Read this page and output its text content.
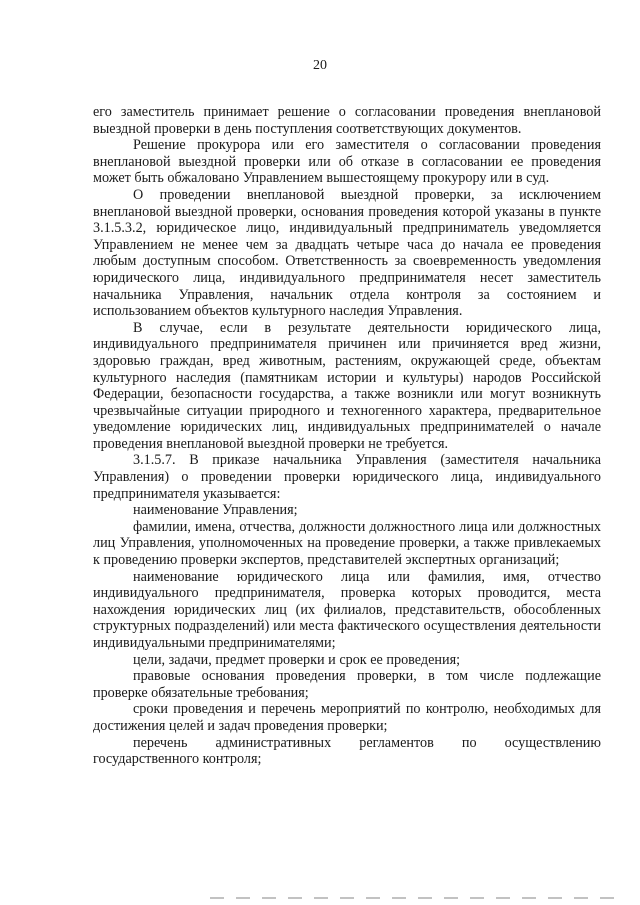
20

его заместитель принимает решение о согласовании проведения внеплановой выездной проверки в день поступления соответствующих документов.

Решение прокурора или его заместителя о согласовании проведения внеплановой выездной проверки или об отказе в согласовании ее проведения может быть обжаловано Управлением вышестоящему прокурору или в суд.

О проведении внеплановой выездной проверки, за исключением внеплановой выездной проверки, основания проведения которой указаны в пункте 3.1.5.3.2, юридическое лицо, индивидуальный предприниматель уведомляется Управлением не менее чем за двадцать четыре часа до начала ее проведения любым доступным способом. Ответственность за своевременность уведомления юридического лица, индивидуального предпринимателя несет заместитель начальника Управления, начальник отдела контроля за состоянием и использованием объектов культурного наследия Управления.

В случае, если в результате деятельности юридического лица, индивидуального предпринимателя причинен или причиняется вред жизни, здоровью граждан, вред животным, растениям, окружающей среде, объектам культурного наследия (памятникам истории и культуры) народов Российской Федерации, безопасности государства, а также возникли или могут возникнуть чрезвычайные ситуации природного и техногенного характера, предварительное уведомление юридических лиц, индивидуальных предпринимателей о начале проведения внеплановой выездной проверки не требуется.

3.1.5.7. В приказе начальника Управления (заместителя начальника Управления) о проведении проверки юридического лица, индивидуального предпринимателя указывается:

наименование Управления;

фамилии, имена, отчества, должности должностного лица или должностных лиц Управления, уполномоченных на проведение проверки, а также привлекаемых к проведению проверки экспертов, представителей экспертных организаций;

наименование юридического лица или фамилия, имя, отчество индивидуального предпринимателя, проверка которых проводится, места нахождения юридических лиц (их филиалов, представительств, обособленных структурных подразделений) или места фактического осуществления деятельности индивидуальными предпринимателями;

цели, задачи, предмет проверки и срок ее проведения;

правовые основания проведения проверки, в том числе подлежащие проверке обязательные требования;

сроки проведения и перечень мероприятий по контролю, необходимых для достижения целей и задач проведения проверки;

перечень административных регламентов по осуществлению государственного контроля;
